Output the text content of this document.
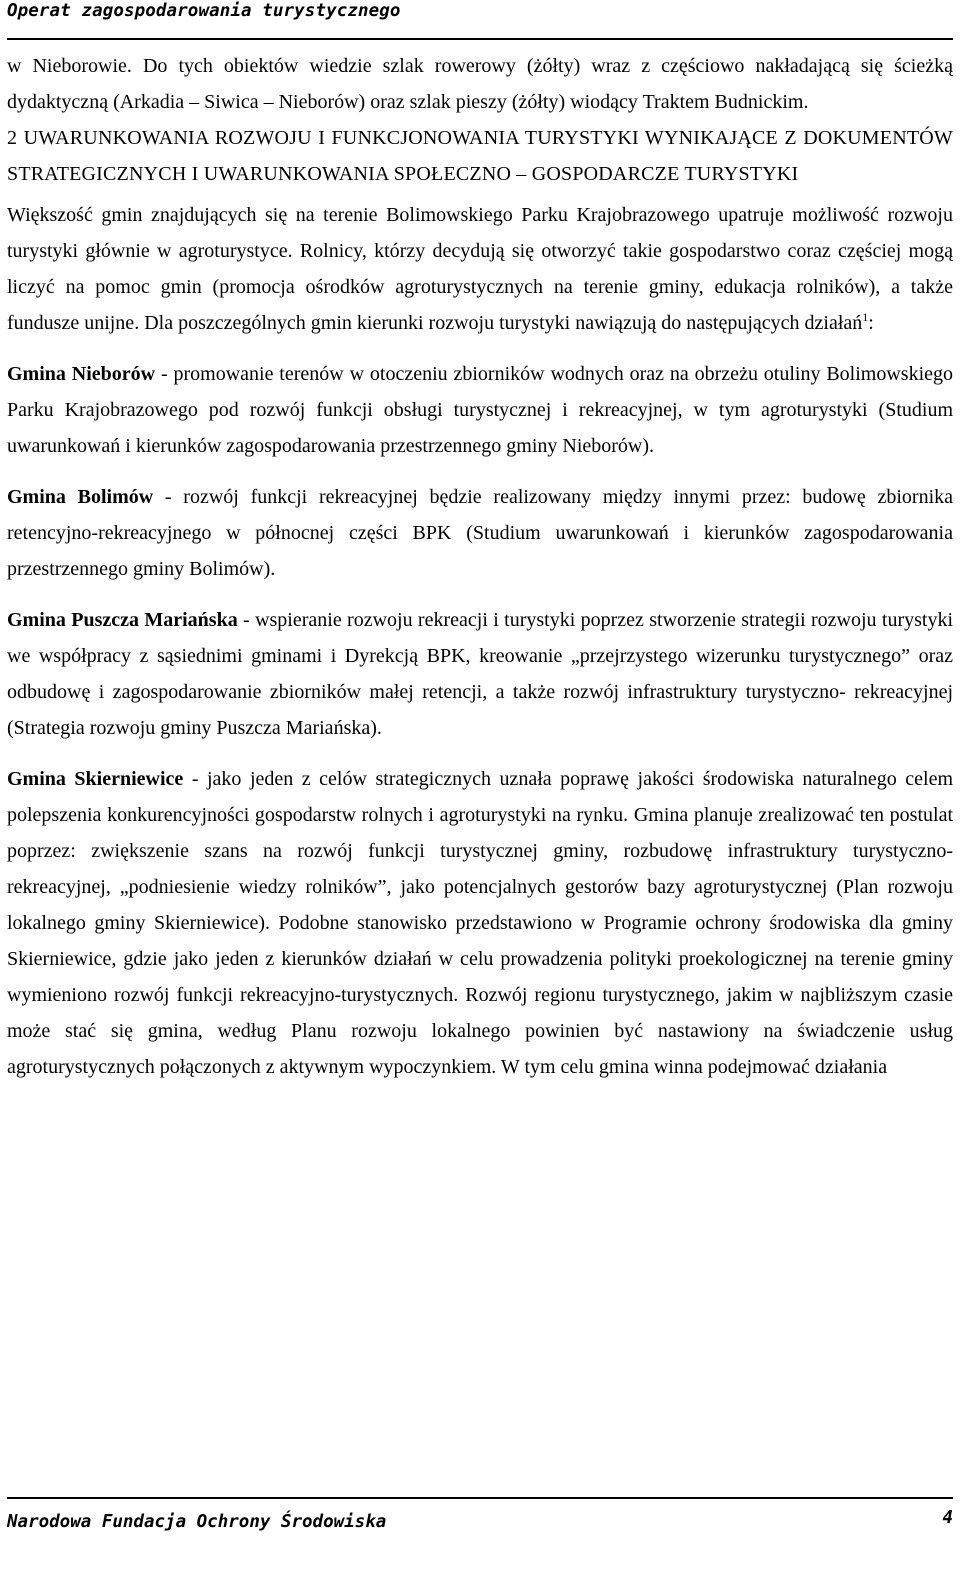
Operat zagospodarowania turystycznego

w Nieborowie. Do tych obiektów wiedzie szlak rowerowy (żółty) wraz z częściowo nakładającą się ścieżką dydaktyczną (Arkadia – Siwica – Nieborów) oraz szlak pieszy (żółty) wiodący Traktem Budnickim.

2 UWARUNKOWANIA ROZWOJU I FUNKCJONOWANIA TURYSTYKI WYNIKAJĄCE Z DOKUMENTÓW STRATEGICZNYCH I UWARUNKOWANIA SPOŁECZNO – GOSPODARCZE TURYSTYKI

Większość gmin znajdujących się na terenie Bolimowskiego Parku Krajobrazowego upatruje możliwość rozwoju turystyki głównie w agroturystyce. Rolnicy, którzy decydują się otworzyć takie gospodarstwo coraz częściej mogą liczyć na pomoc gmin (promocja ośrodków agroturystycznych na terenie gminy, edukacja rolników), a także fundusze unijne. Dla poszczególnych gmin kierunki rozwoju turystyki nawiązują do następujących działań$^1$:

Gmina Nieborów - promowanie terenów w otoczeniu zbiorników wodnych oraz na obrzeżu otuliny Bolimowskiego Parku Krajobrazowego pod rozwój funkcji obsługi turystycznej i rekreacyjnej, w tym agroturystyki (Studium uwarunkowań i kierunków zagospodarowania przestrzennego gminy Nieborów).

Gmina Bolimów - rozwój funkcji rekreacyjnej będzie realizowany między innymi przez: budowę zbiornika retencyjno-rekreacyjnego w północnej części BPK (Studium uwarunkowań i kierunków zagospodarowania przestrzennego gminy Bolimów).

Gmina Puszcza Mariańska - wspieranie rozwoju rekreacji i turystyki poprzez stworzenie strategii rozwoju turystyki we współpracy z sąsiednimi gminami i Dyrekcją BPK, kreowanie „przejrzystego wizerunku turystycznego” oraz odbudowę i zagospodarowanie zbiorników małej retencji, a także rozwój infrastruktury turystyczno- rekreacyjnej (Strategia rozwoju gminy Puszcza Mariańska).

Gmina Skierniewice - jako jeden z celów strategicznych uznała poprawę jakości środowiska naturalnego celem polepszenia konkurencyjności gospodarstw rolnych i agroturystyki na rynku. Gmina planuje zrealizować ten postulat poprzez: zwiększenie szans na rozwój funkcji turystycznej gminy, rozbudowę infrastruktury turystyczno-rekreacyjnej, „podniesienie wiedzy rolników”, jako potencjalnych gestorów bazy agroturystycznej (Plan rozwoju lokalnego gminy Skierniewice). Podobne stanowisko przedstawiono w Programie ochrony środowiska dla gminy Skierniewice, gdzie jako jeden z kierunków działań w celu prowadzenia polityki proekologicznej na terenie gminy wymieniono rozwój funkcji rekreacyjno-turystycznych. Rozwój regionu turystycznego, jakim w najbliższym czasie może stać się gmina, według Planu rozwoju lokalnego powinien być nastawiony na świadczenie usług agroturystycznych połączonych z aktywnym wypoczynkiem. W tym celu gmina winna podejmować działania

Narodowa Fundacja Ochrony Środowiska	4
